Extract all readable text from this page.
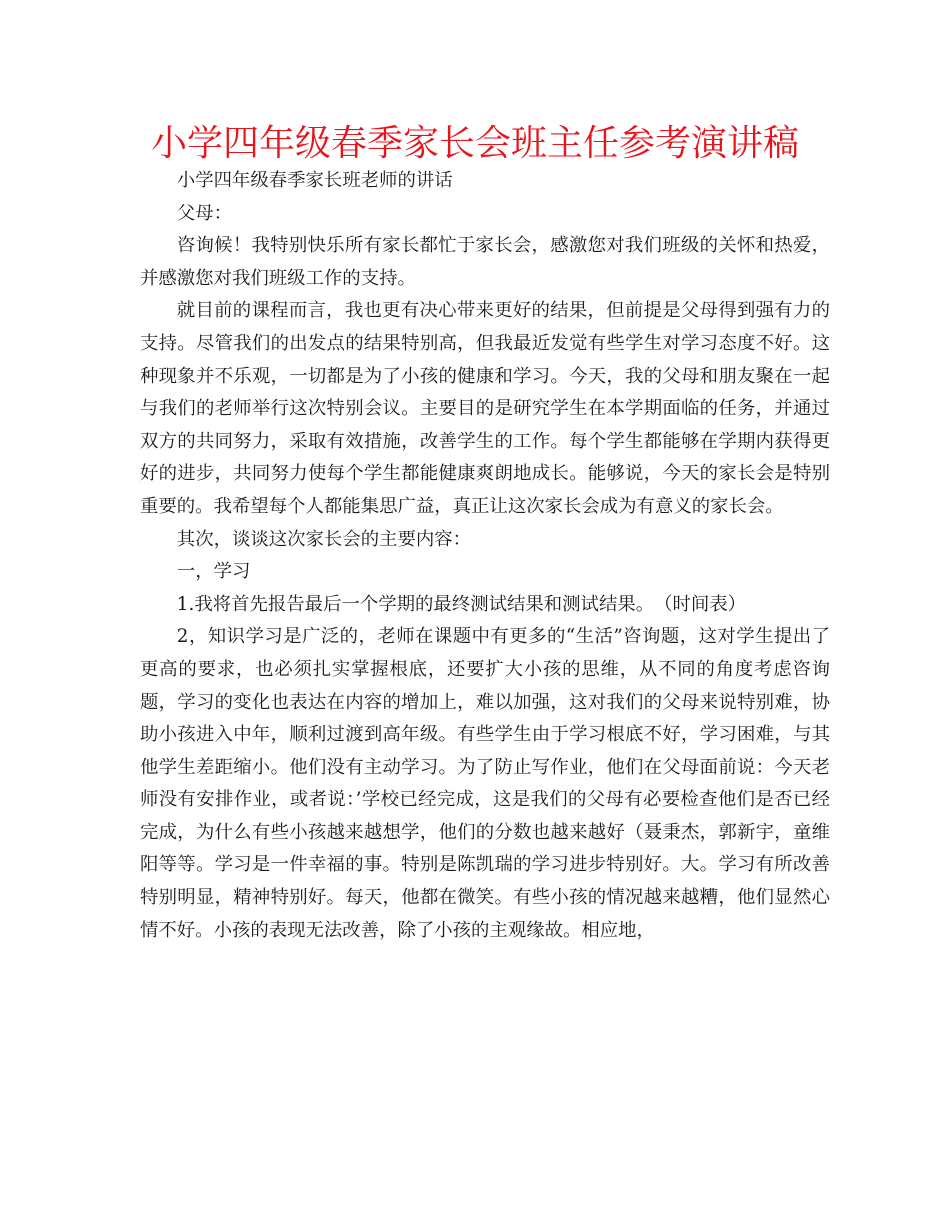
小学四年级春季家长会班主任参考演讲稿

小学四年级春季家长班老师的讲话

父母：

咨询候！我特别快乐所有家长都忙于家长会，感激您对我们班级的关怀和热爱，并感激您对我们班级工作的支持。

就目前的课程而言，我也更有决心带来更好的结果，但前提是父母得到强有力的支持。尽管我们的出发点的结果特别高，但我最近发觉有些学生对学习态度不好。这种现象并不乐观，一切都是为了小孩的健康和学习。今天，我的父母和朋友聚在一起与我们的老师举行这次特别会议。主要目的是研究学生在本学期面临的任务，并通过双方的共同努力，采取有效措施，改善学生的工作。每个学生都能够在学期内获得更好的进步，共同努力使每个学生都能健康爽朗地成长。能够说，今天的家长会是特别重要的。我希望每个人都能集思广益，真正让这次家长会成为有意义的家长会。

其次，谈谈这次家长会的主要内容：

一，学习

1.我将首先报告最后一个学期的最终测试结果和测试结果。　（时间表）

2，知识学习是广泛的，老师在课题中有更多的“生活”咨询题，这对学生提出了更高的要求，也必须扎实掌握根底，还要扩大小孩的思维，从不同的角度考虑咨询题，学习的变化也表达在内容的增加上，难以加强，这对我们的父母来说特别难，协助小孩进入中年，顺利过渡到高年级。有些学生由于学习根底不好，学习困难，与其他学生差距缩小。他们没有主动学习。为了防止写作业，他们在父母面前说：今天老师没有安排作业，或者说：’学校已经完成，这是我们的父母有必要检查他们是否已经完成，为什么有些小孩越来越想学，他们的分数也越来越好（聂秉杰，郭新宇，童维阳等等。学习是一件幸福的事。特别是陈凯瑞的学习进步特别好。大。学习有所改善特别明显，精神特别好。每天，他都在微笑。有些小孩的情况越来越糟，他们显然心情不好。小孩的表现无法改善，除了小孩的主观缘故。相应地，
